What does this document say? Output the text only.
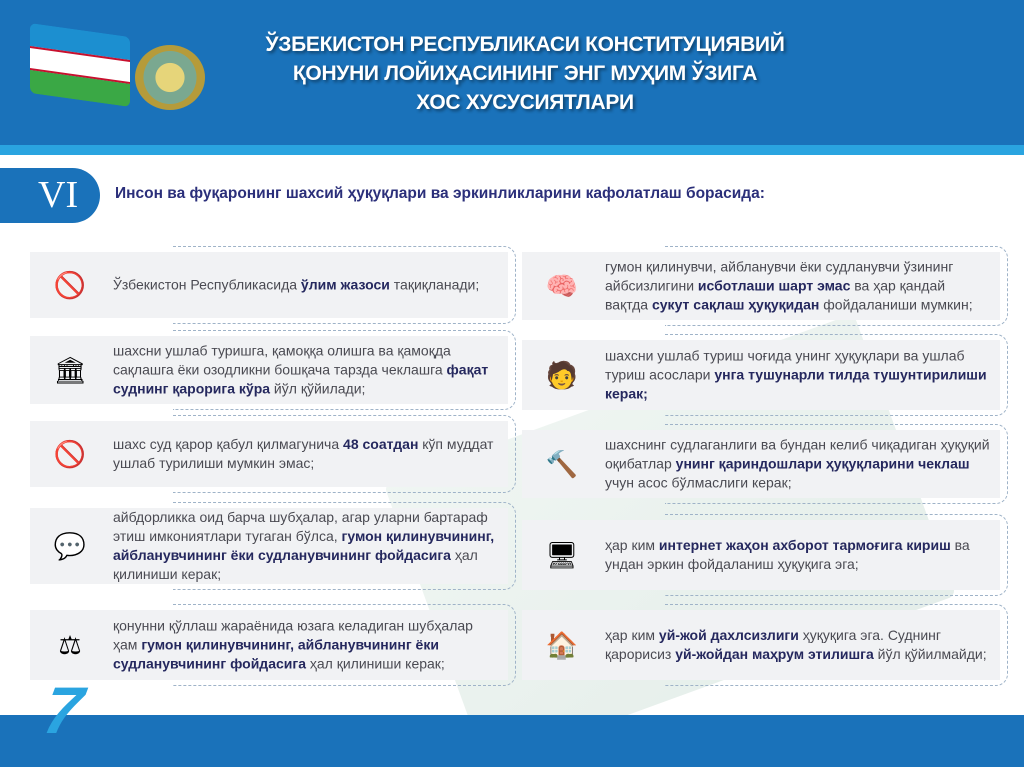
ЎЗБЕКИСТОН РЕСПУБЛИКАСИ КОНСТИТУЦИЯВИЙ
ҚОНУНИ ЛОЙИҲАСИНИНГ ЭНГ МУҲИМ ЎЗИГА
ХОС ХУСУСИЯТЛАРИ
VI	Инсон ва фуқаронинг шахсий ҳуқуқлари ва эркинликларини кафолатлаш борасида:
🚫 Ўзбекистон Республикасида ўлим жазоси тақиқланади;
🏛
шахсни ушлаб туришга, қамоққа олишга ва қамоқда сақлашга ёки озодликни бошқача тарзда чеклашга фақат суднинг қарорига кўра йўл қўйилади;
🚫 шахс суд қарор қабул қилмагунича 48 соатдан кўп муддат ушлаб турилиши мумкин эмас;
💬
айбдорликка оид барча шубҳалар, агар уларни бартараф этиш имкониятлари тугаган бўлса, гумон қилинувчининг, айбланувчининг ёки судланувчининг фойдасига ҳал қилиниши керак;
⚖
қонунни қўллаш жараёнида юзага келадиган шубҳалар ҳам гумон қилинувчининг, айбланувчининг ёки судланувчининг фойдасига ҳал қилиниши керак;
🧠
гумон қилинувчи, айбланувчи ёки судланувчи ўзининг айбсизлигини исботлаши шарт эмас ва ҳар қандай вақтда сукут сақлаш ҳуқуқидан фойдаланиши мумкин;
🧑
шахсни ушлаб туриш чоғида унинг ҳуқуқлари ва ушлаб туриш асослари унга тушунарли тилда тушунтирилиши керак;
🔨
шахснинг судлаганлиги ва бундан келиб чиқадиган ҳуқуқий оқибатлар унинг қариндошлари ҳуқуқларини чеклаш учун асос бўлмаслиги керак;
🖥 ҳар ким интернет жаҳон ахборот тармоғига кириш ва ундан эркин фойдаланиш ҳуқуқига эга;
🏠 ҳар ким уй-жой дахлсизлиги ҳуқуқига эга. Суднинг қарорисиз уй-жойдан маҳрум этилишга йўл қўйилмайди;
7
